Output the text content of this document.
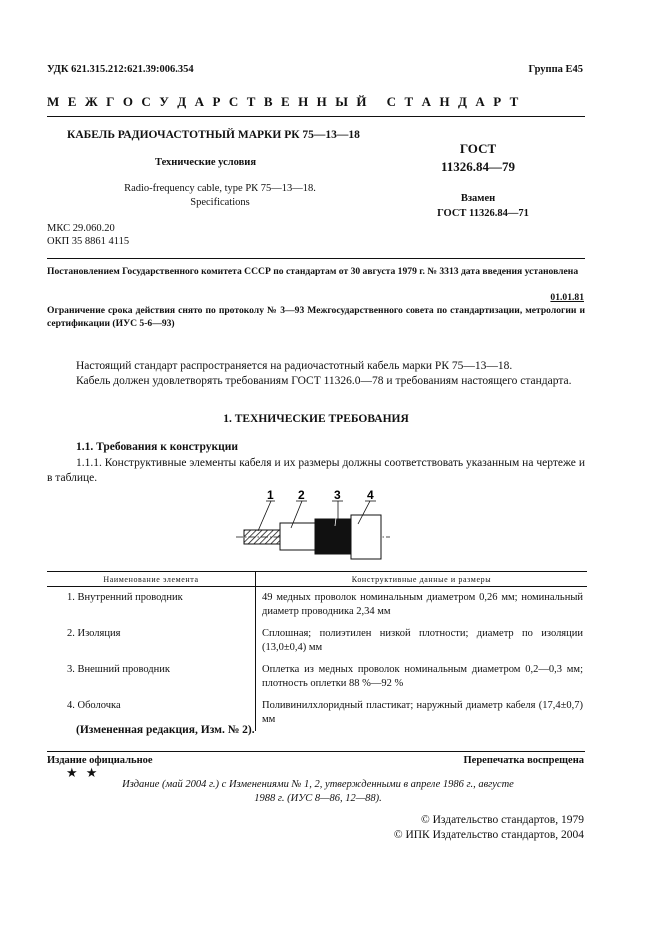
УДК 621.315.212:621.39:006.354	Группа Е45
М Е Ж Г О С У Д А Р С Т В Е Н Н Ы Й   С Т А Н Д А Р Т
КАБЕЛЬ РАДИОЧАСТОТНЫЙ МАРКИ РК 75—13—18
Технические условия
Radio-frequency cable, type РК 75—13—18.
Specifications
МКС 29.060.20
ОКП 35 8861 4115
ГОСТ
11326.84—79
Взамен
ГОСТ 11326.84—71
Постановлением Государственного комитета СССР по стандартам от 30 августа 1979 г. № 3313 дата введения установлена
01.01.81
Ограничение срока действия снято по протоколу № 3—93 Межгосударственного совета по стандартизации, метрологии и сертификации (ИУС 5-6—93)
Настоящий стандарт распространяется на радиочастотный кабель марки РК 75—13—18.
Кабель должен удовлетворять требованиям ГОСТ 11326.0—78 и требованиям настоящего стандарта.
1. ТЕХНИЧЕСКИЕ ТРЕБОВАНИЯ
1.1. Требования к конструкции
1.1.1. Конструктивные элементы кабеля и их размеры должны соответствовать указанным на чертеже и в таблице.
1 2 3 4
Наименование элемента	Конструктивные данные и размеры
1. Внутренний проводник	49 медных проволок номинальным диаметром 0,26 мм; номинальный диаметр проводника 2,34 мм
2. Изоляция	Сплошная; полиэтилен низкой плотности; диаметр по изоляции (13,0±0,4) мм
3. Внешний проводник	Оплетка из медных проволок номинальным диаметром 0,2—0,3 мм; плотность оплетки 88 %—92 %
4. Оболочка	Поливинилхлоридный пластикат; наружный диаметр кабеля (17,4±0,7) мм
(Измененная редакция, Изм. № 2).
Издание официальное	Перепечатка воспрещена
★ ★
Издание (май 2004 г.) с Изменениями № 1, 2, утвержденными в апреле 1986 г., августе 1988 г. (ИУС 8—86, 12—88).
© Издательство стандартов, 1979
© ИПК Издательство стандартов, 2004
